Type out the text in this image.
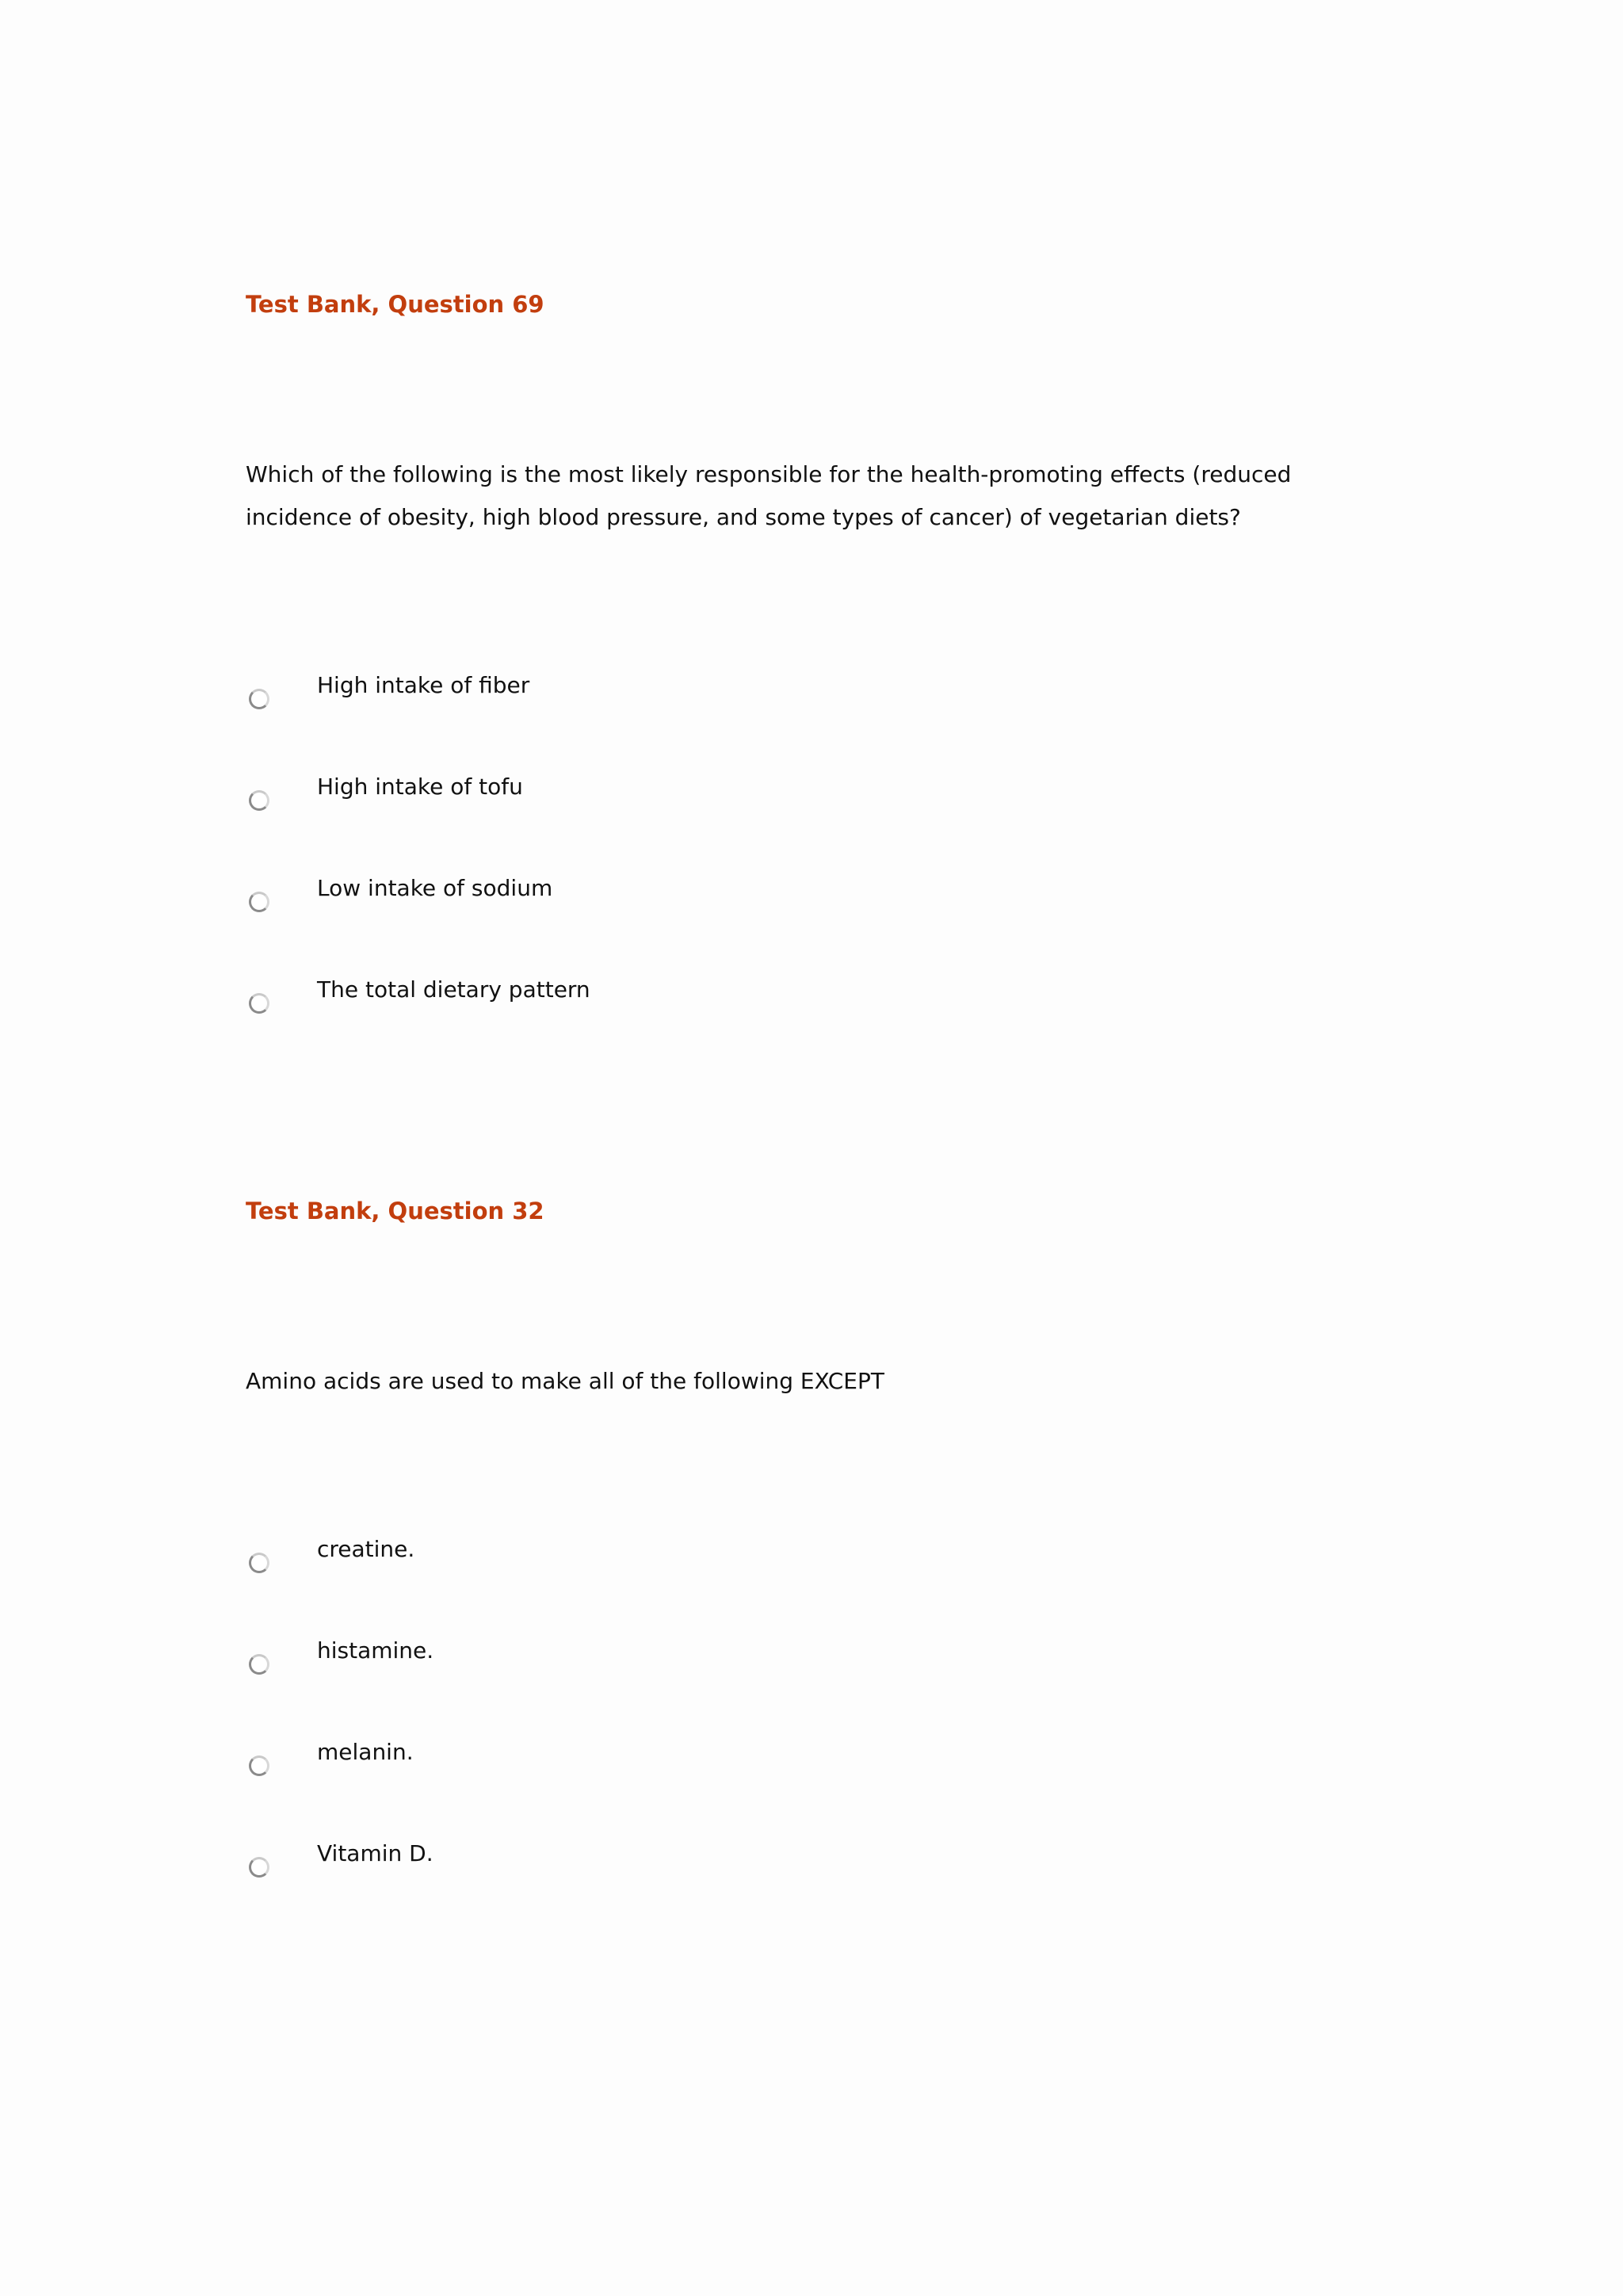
Test Bank, Question 69

Which of the following is the most likely responsible for the health-promoting effects (reduced incidence of obesity, high blood pressure, and some types of cancer) of vegetarian diets?

High intake of fiber
High intake of tofu
Low intake of sodium
The total dietary pattern
Test Bank, Question 32

Amino acids are used to make all of the following EXCEPT

creatine.
histamine.
melanin.
Vitamin D.
